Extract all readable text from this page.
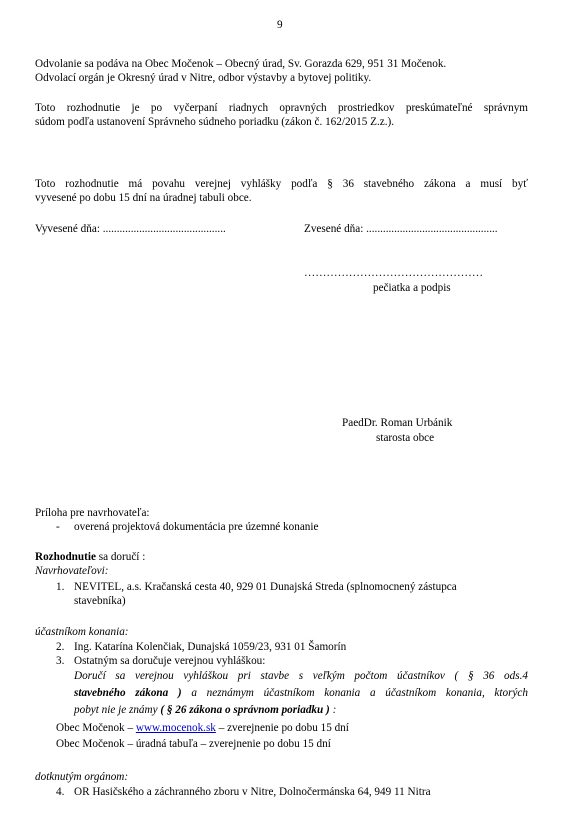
9
Odvolanie sa podáva na Obec Močenok – Obecný úrad, Sv. Gorazda 629, 951 31 Močenok.
Odvolací orgán je Okresný úrad v Nitre, odbor výstavby a bytovej politiky.
Toto rozhodnutie je po vyčerpaní riadnych opravných prostriedkov preskúmateľné správnym
súdom podľa ustanovení Správneho súdneho poriadku (zákon č. 162/2015 Z.z.).
Toto rozhodnutie má povahu verejnej vyhlášky podľa § 36 stavebného zákona a musí byť
vyvesené po dobu 15 dní na úradnej tabuli obce.
Vyvesené dňa: ............................................	Zvesené dňa: ...............................................
…………………………………………
pečiatka a podpis
PaedDr. Roman Urbánik
starosta obce
Príloha pre navrhovateľa:
- overená projektová dokumentácia pre územné konanie
Rozhodnutie sa doručí :
Navrhovateľovi:
1. NEVITEL, a.s. Kračanská cesta 40, 929 01 Dunajská Streda (splnomocnený zástupca
stavebníka)
účastníkom konania:
2. Ing. Katarína Kolenčiak, Dunajská 1059/23, 931 01 Šamorín
3. Ostatným sa doručuje verejnou vyhláškou:
Doručí sa verejnou vyhláškou pri stavbe s veľkým počtom účastníkov ( § 36 ods.4
stavebného zákona ) a neznámym účastníkom konania a účastníkom konania, ktorých
pobyt nie je známy ( § 26 zákona o správnom poriadku ) :
Obec Močenok – www.mocenok.sk – zverejnenie po dobu 15 dní
Obec Močenok – úradná tabuľa – zverejnenie po dobu 15 dní
dotknutým orgánom:
4. OR Hasičského a záchranného zboru v Nitre, Dolnočermánska 64, 949 11 Nitra
